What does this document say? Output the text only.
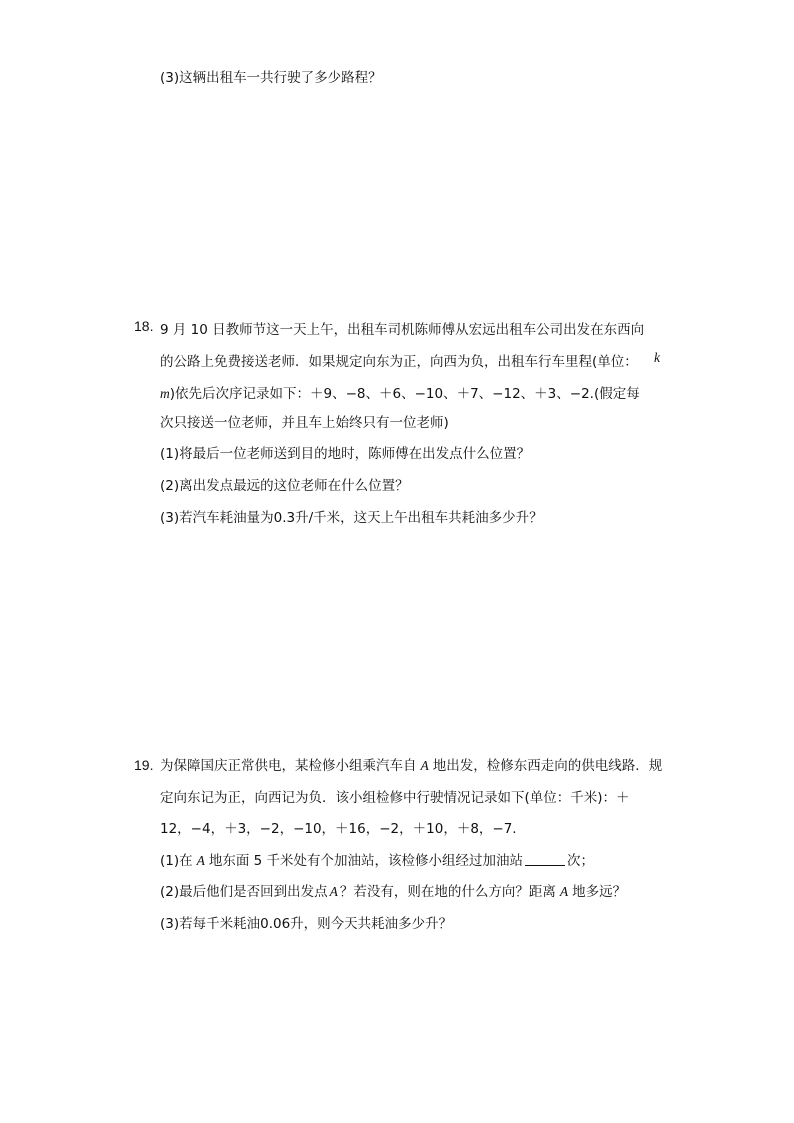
(3)这辆出租车一共行驶了多少路程？
18. 9 月 10 日教师节这一天上午，出租车司机陈师傅从宏远出租车公司出发在东西向
的公路上免费接送老师．如果规定向东为正，向西为负，出租车行车里程(单位： k
m)依先后次序记录如下：＋9、−8、＋6、−10、＋7、−12、＋3、−2.(假定每
次只接送一位老师，并且车上始终只有一位老师)
(1)将最后一位老师送到目的地时，陈师傅在出发点什么位置？
(2)离出发点最远的这位老师在什么位置？
(3)若汽车耗油量为0.3升/千米，这天上午出租车共耗油多少升？
19. 为保障国庆正常供电，某检修小组乘汽车自 A 地出发，检修东西走向的供电线路．规
定向东记为正，向西记为负．该小组检修中行驶情况记录如下(单位：千米)：＋
12，−4，＋3，−2，−10，＋16，−2，＋10，＋8，−7.
(1)在 A 地东面 5 千米处有个加油站，该检修小组经过加油站	次；
(2)最后他们是否回到出发点 A ？若没有，则在地的什么方向？距离 A 地多远？
(3)若每千米耗油0.06升，则今天共耗油多少升？
